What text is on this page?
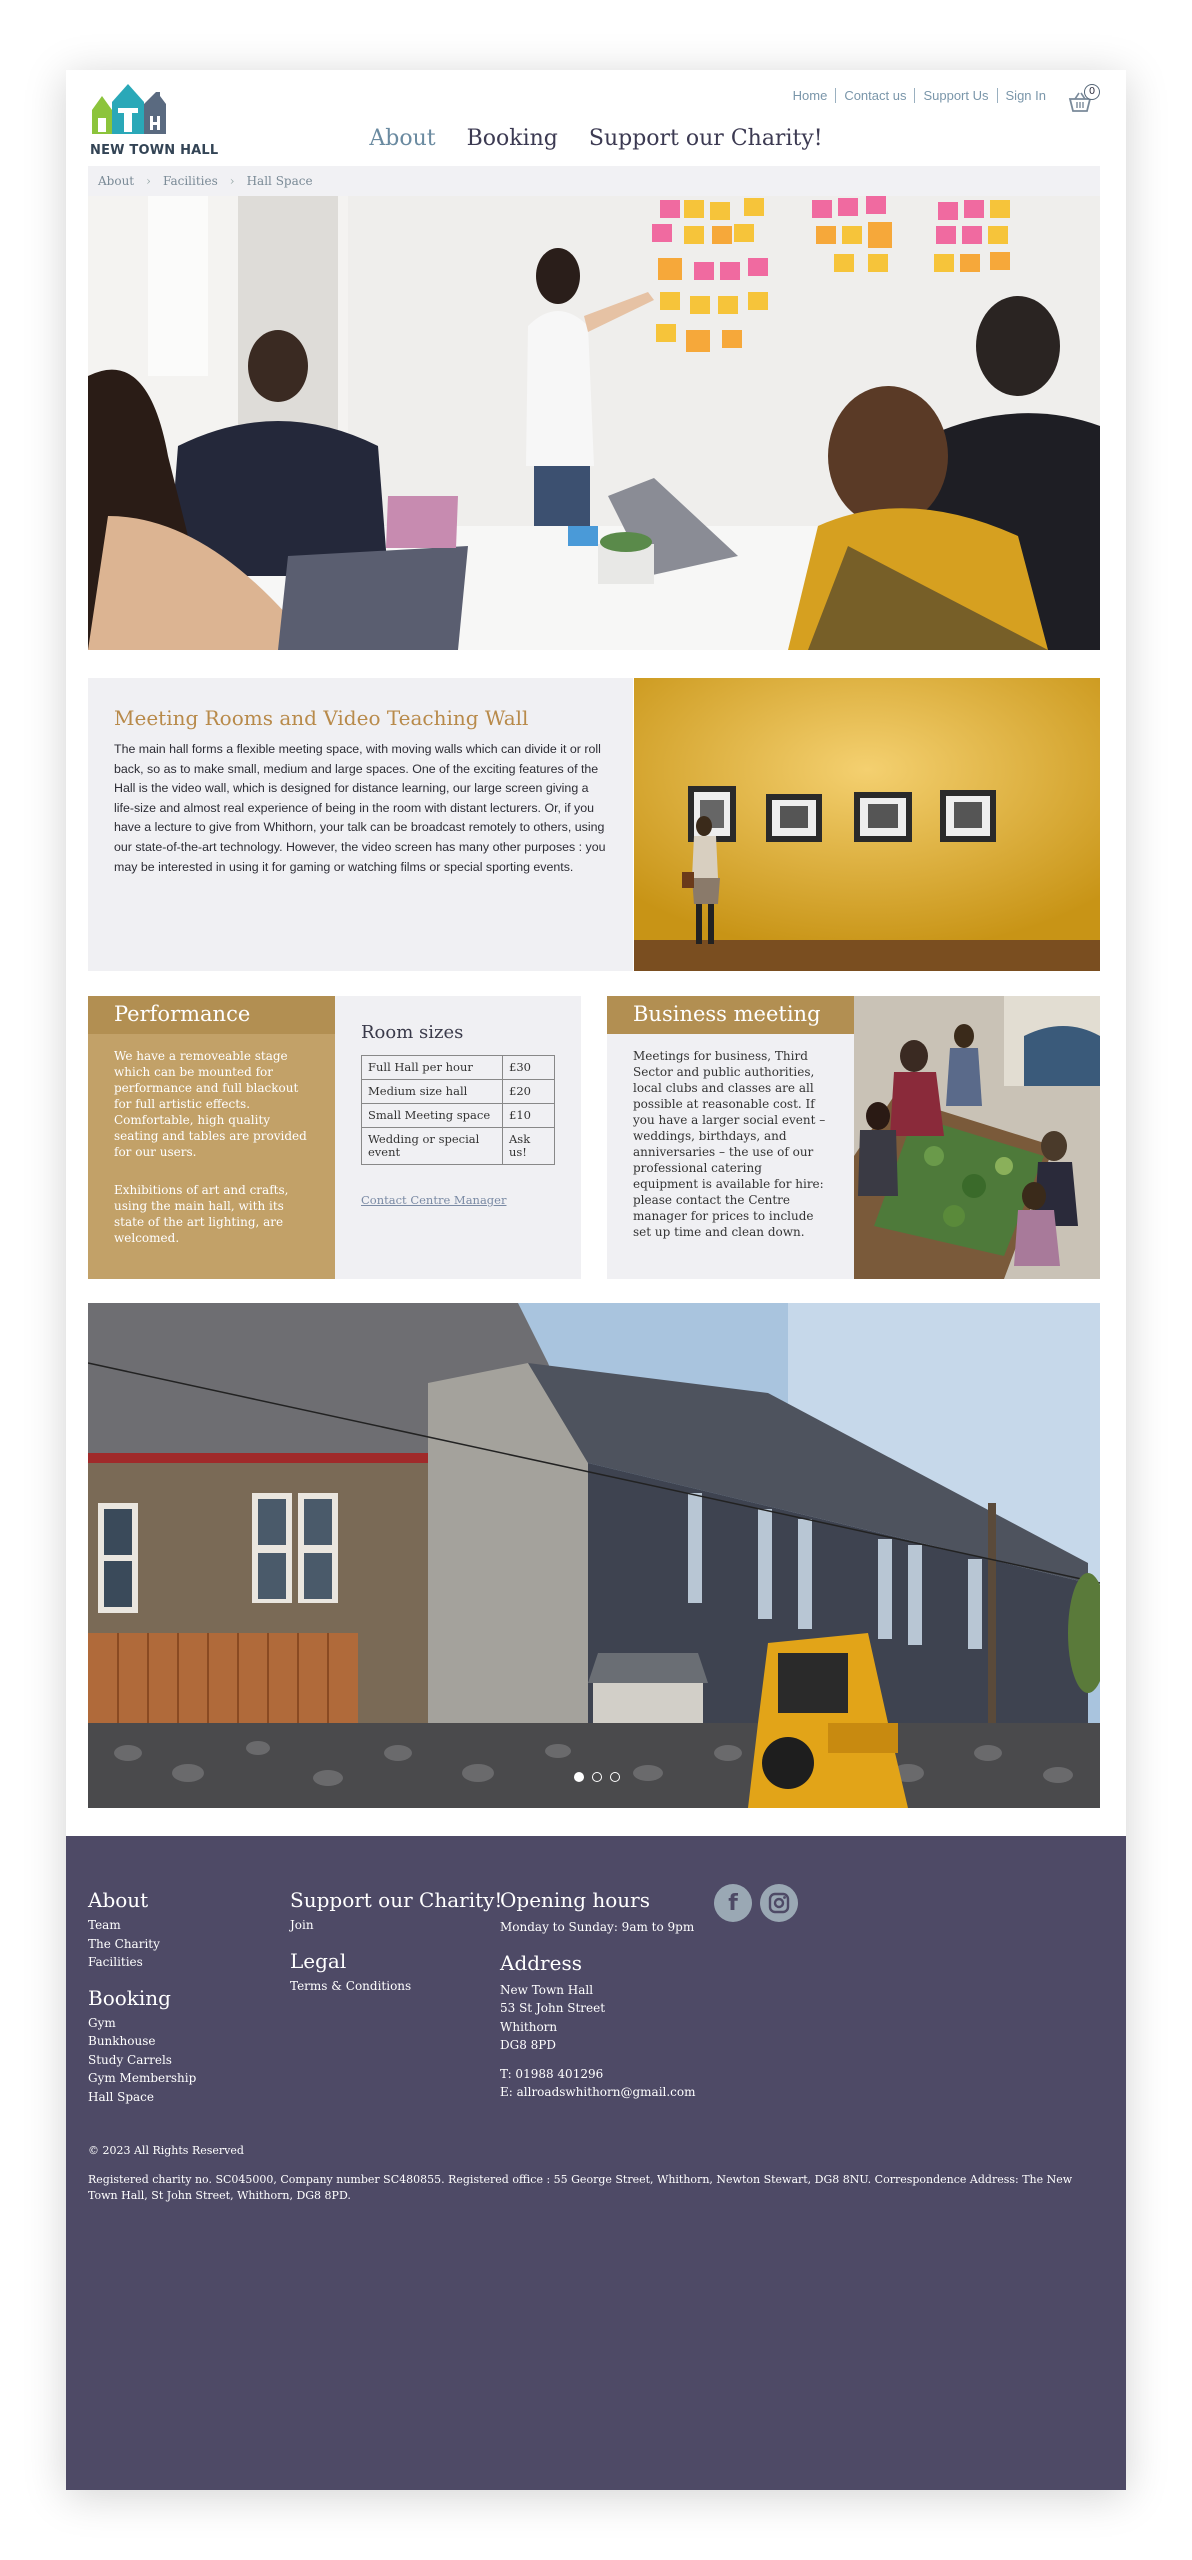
NEW TOWN HALL
Home	Contact us	Support Us	Sign In	0
About Booking Support our Charity!
About › Facilities › Hall Space
Meeting Rooms and Video Teaching Wall

The main hall forms a flexible meeting space, with moving walls which can divide it or roll back, so as to make small, medium and large spaces. One of the exciting features of the Hall is the video wall, which is designed for distance learning, our large screen giving a life-size and almost real experience of being in the room with distant lecturers. Or, if you have a lecture to give from Whithorn, your talk can be broadcast remotely to others, using our state-of-the-art technology. However, the video screen has many other purposes : you may be interested in using it for gaming or watching films or special sporting events.

Performance

We have a removeable stage which can be mounted for performance and full blackout for full artistic effects. Comfortable, high quality seating and tables are provided for our users.

Exhibitions of art and crafts, using the main hall, with its state of the art lighting, are welcomed.

Room sizes
Full Hall per hour	£30
Medium size hall	£20
Small Meeting space	£10
Wedding or special event	Ask us!
Contact Centre Manager
Business meeting

Meetings for business, Third Sector and public authorities, local clubs and classes are all possible at reasonable cost. If you have a larger social event – weddings, birthdays, and anniversaries – the use of our professional catering equipment is available for hire: please contact the Centre manager for prices to include set up time and clean down.

About
Team
The Charity
Facilities
Booking
Gym
Bunkhouse
Study Carrels
Gym Membership
Hall Space
Support our Charity!
Join
Legal
Terms & Conditions
Opening hours
Monday to Sunday: 9am to 9pm
Address
New Town Hall
53 St John Street
Whithorn
DG8 8PD
T: 01988 401296
E: allroadswhithorn@gmail.com
f
© 2023 All Rights Reserved
Registered charity no. SC045000, Company number SC480855. Registered office : 55 George Street, Whithorn, Newton Stewart, DG8 8NU. Correspondence Address: The New Town Hall, St John Street, Whithorn, DG8 8PD.
